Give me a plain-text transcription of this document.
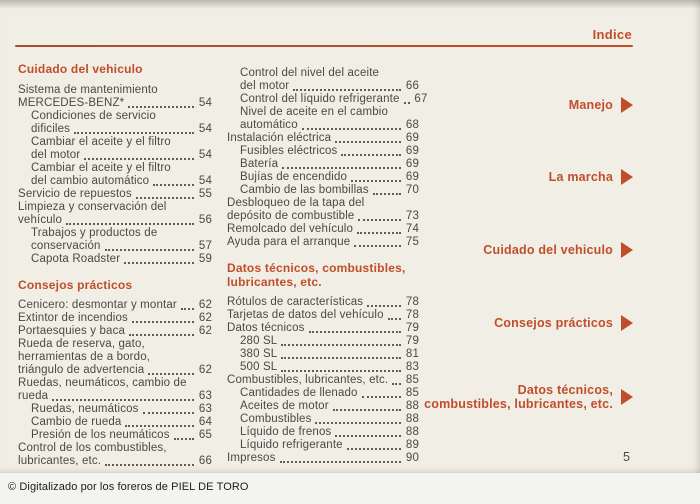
Indice
Cuidado del vehiculo
Sistema de mantenimiento
MERCEDES-BENZ*	54
Condiciones de servicio
dificiles	54
Cambiar el aceite y el filtro
del motor	54
Cambiar el aceite y el filtro
del cambio automático	54
Servicio de repuestos	55
Limpieza y conservación del
vehículo	56
Trabajos y productos de
conservación	57
Capota Roadster	59
Consejos prácticos
Cenicero: desmontar y montar 62
Extintor de incendios	62
Portaesquies y baca	62
Rueda de reserva, gato,
herramientas de a bordo,
triángulo de advertencia	62
Ruedas, neumáticos, cambio de
rueda	63
Ruedas, neumáticos	63
Cambio de rueda	64
Presión de los neumáticos	65
Control de los combustibles,
lubricantes, etc.	66
Control del nivel del aceite
del motor	66
Control del líquido refrigerante 67
Nivel de aceite en el cambio
automático	68
Instalación eléctrica	69
Fusibles eléctricos	69
Batería	69
Bujías de encendido	69
Cambio de las bombillas	70
Desbloqueo de la tapa del
depósito de combustible	73
Remolcado del vehículo	74
Ayuda para el arranque	75
Datos técnicos, combustibles,
lubricantes, etc.
Rótulos de características	78
Tarjetas de datos del vehículo 78
Datos técnicos	79
280 SL	79
380 SL	81
500 SL	83
Combustibles, lubricantes, etc. 85
Cantidades de llenado	85
Aceites de motor	88
Combustibles	88
Líquido de frenos	88
Líquido refrigerante	89
Impresos	90
Manejo
La marcha
Cuidado del vehiculo
Consejos prácticos
Datos técnicos,
combustibles, lubricantes, etc.
5
© Digitalizado por los foreros de PIEL DE TORO
